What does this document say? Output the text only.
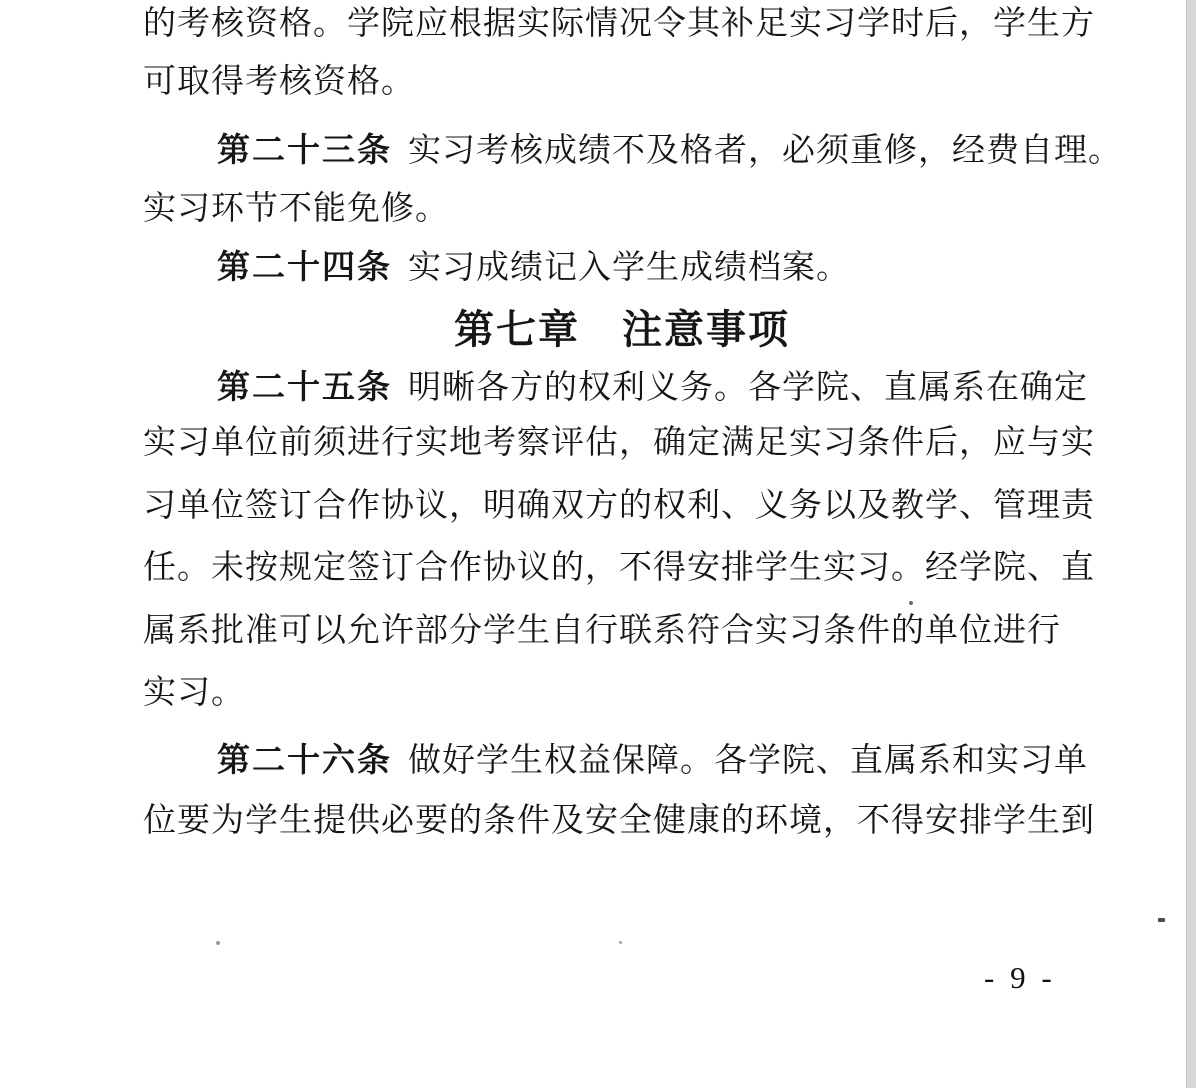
的考核资格。学院应根据实际情况令其补足实习学时后，学生方
可取得考核资格。
第二十三条 实习考核成绩不及格者，必须重修，经费自理。
实习环节不能免修。
第二十四条 实习成绩记入学生成绩档案。
第七章　注意事项
第二十五条 明晰各方的权利义务。各学院、直属系在确定
实习单位前须进行实地考察评估，确定满足实习条件后，应与实
习单位签订合作协议，明确双方的权利、义务以及教学、管理责
任。未按规定签订合作协议的，不得安排学生实习。经学院、直
属系批准可以允许部分学生自行联系符合实习条件的单位进行
实习。
第二十六条 做好学生权益保障。各学院、直属系和实习单
位要为学生提供必要的条件及安全健康的环境，不得安排学生到
- 9 -
